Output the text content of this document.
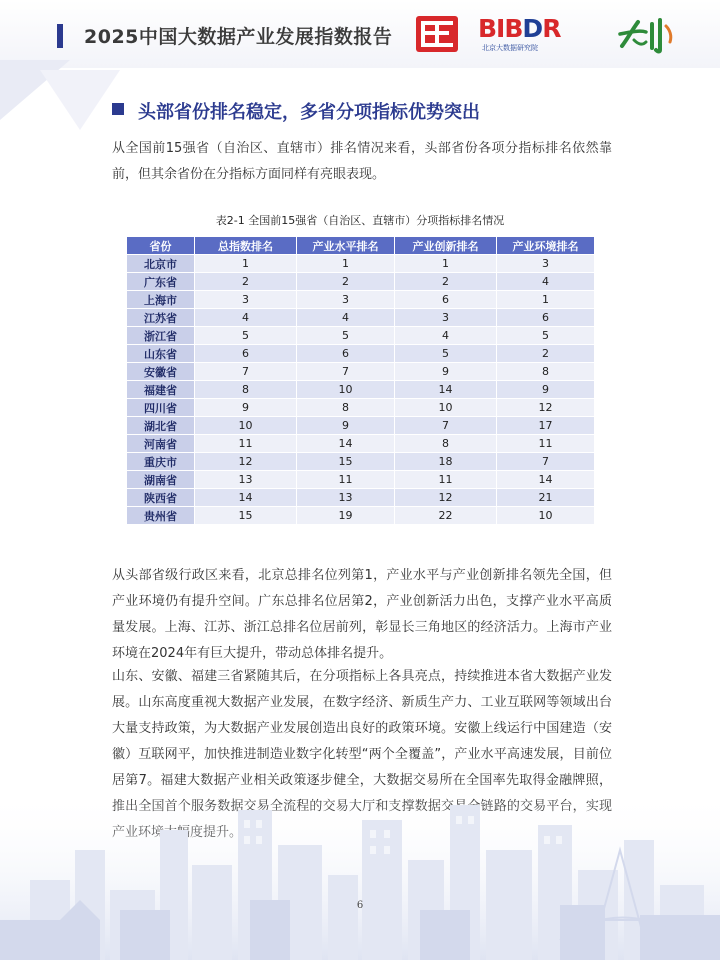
2025中国大数据产业发展指数报告	BIBDR
北京大数据研究院
头部省份排名稳定，多省分项指标优势突出
从全国前15强省（自治区、直辖市）排名情况来看，头部省份各项分指标排名依然靠前，但其余省份在分指标方面同样有亮眼表现。
表2-1 全国前15强省（自治区、直辖市）分项指标排名情况
省份	总指数排名	产业水平排名	产业创新排名	产业环境排名
北京市	1	1	1	3
广东省	2	2	2	4
上海市	3	3	6	1
江苏省	4	4	3	6
浙江省	5	5	4	5
山东省	6	6	5	2
安徽省	7	7	9	8
福建省	8	10	14	9
四川省	9	8	10	12
湖北省	10	9	7	17
河南省	11	14	8	11
重庆市	12	15	18	7
湖南省	13	11	11	14
陕西省	14	13	12	21
贵州省	15	19	22	10
从头部省级行政区来看，北京总排名位列第1，产业水平与产业创新排名领先全国，但产业环境仍有提升空间。广东总排名位居第2，产业创新活力出色，支撑产业水平高质量发展。上海、江苏、浙江总排名位居前列，彰显长三角地区的经济活力。上海市产业环境在2024年有巨大提升，带动总体排名提升。
山东、安徽、福建三省紧随其后，在分项指标上各具亮点，持续推进本省大数据产业发展。山东高度重视大数据产业发展，在数字经济、新质生产力、工业互联网等领域出台大量支持政策，为大数据产业发展创造出良好的政策环境。安徽上线运行中国建造（安徽）互联网平，加快推进制造业数字化转型“两个全覆盖”，产业水平高速发展，目前位居第7。福建大数据产业相关政策逐步健全，大数据交易所在全国率先取得金融牌照，
6
